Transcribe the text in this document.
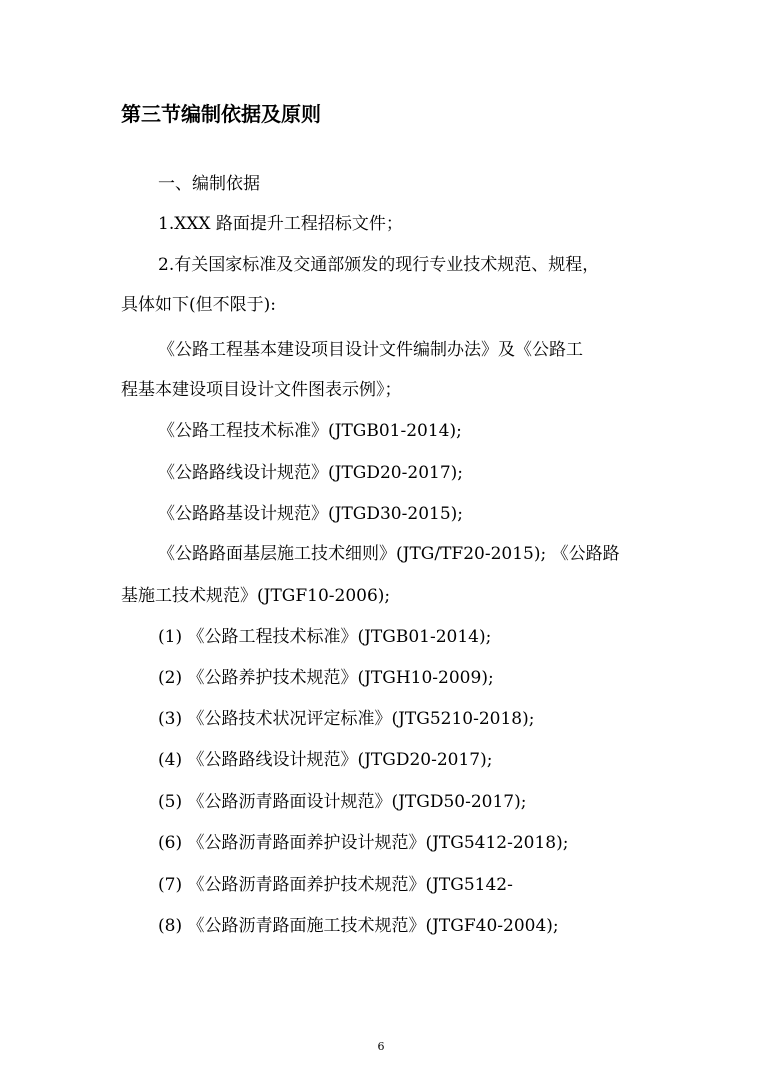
第三节编制依据及原则

一、编制依据

1.XXX 路面提升工程招标文件；

2.有关国家标准及交通部颁发的现行专业技术规范、规程，

具体如下(但不限于):

《公路工程基本建设项目设计文件编制办法》及《公路工

程基本建设项目设计文件图表示例》；

《公路工程技术标准》(JTGB01-2014);

《公路路线设计规范》(JTGD20-2017);

《公路路基设计规范》(JTGD30-2015);

《公路路面基层施工技术细则》(JTG/TF20-2015); 《公路路

基施工技术规范》(JTGF10-2006);

(1) 《公路工程技术标准》(JTGB01-2014);

(2) 《公路养护技术规范》(JTGH10-2009);

(3) 《公路技术状况评定标准》(JTG5210-2018);

(4) 《公路路线设计规范》(JTGD20-2017);

(5) 《公路沥青路面设计规范》(JTGD50-2017);

(6) 《公路沥青路面养护设计规范》(JTG5412-2018);

(7) 《公路沥青路面养护技术规范》(JTG5142-

(8) 《公路沥青路面施工技术规范》(JTGF40-2004);

6
